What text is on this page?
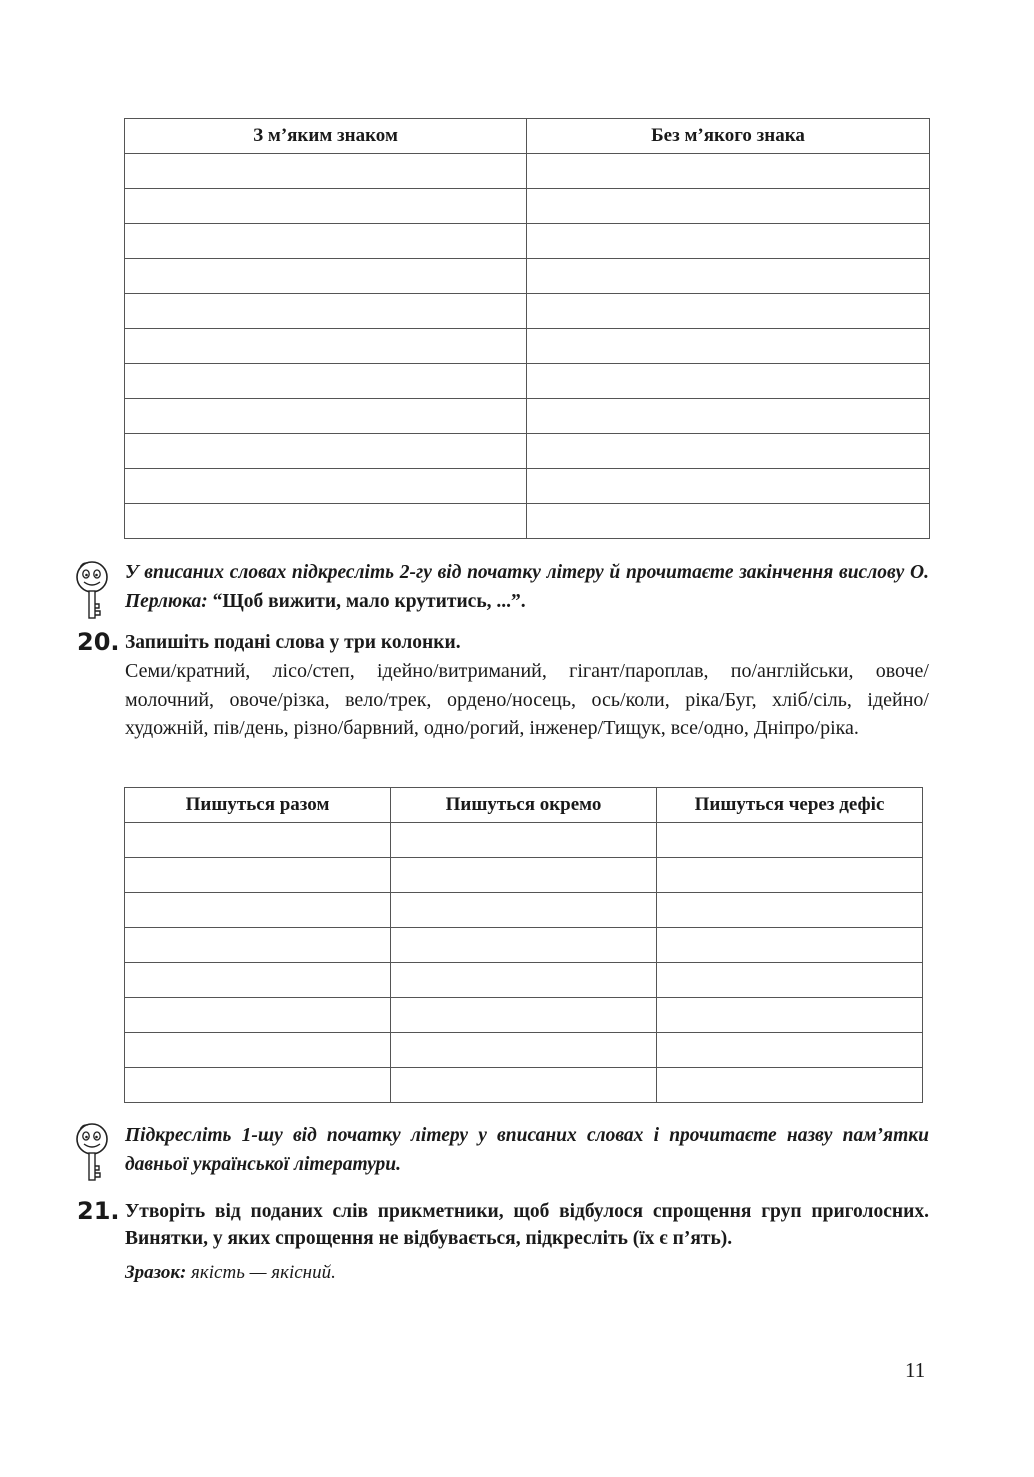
З м’яким знаком	Без м’якого знака

У вписаних словах підкресліть 2-гу від початку літеру й прочитаєте закінчення вислову О. Перлюка: “Щоб вижити, мало крутитись, ...”.
20. Запишіть подані слова у три колонки.
Семи/кратний, лісо/степ, ідейно/витриманий, гігант/пароплав, по/англійськи, овоче/молочний, овоче/різка, вело/трек, ордено/носець, ось/коли, ріка/Буг, хліб/сіль, ідейно/художній, пів/день, різно/барвний, одно/рогий, інженер/Тищук, все/одно, Дніпро/ріка.
Пишуться разом	Пишуться окремо	Пишуться через дефіс

Підкресліть 1-шу від початку літеру у вписаних словах і прочитаєте назву пам’ятки давньої української літератури.
21. Утворіть від поданих слів прикметники, щоб відбулося спрощення груп приголосних. Винятки, у яких спрощення не відбувається, підкресліть (їх є п’ять).
Зразок: якість — якісний.
11
